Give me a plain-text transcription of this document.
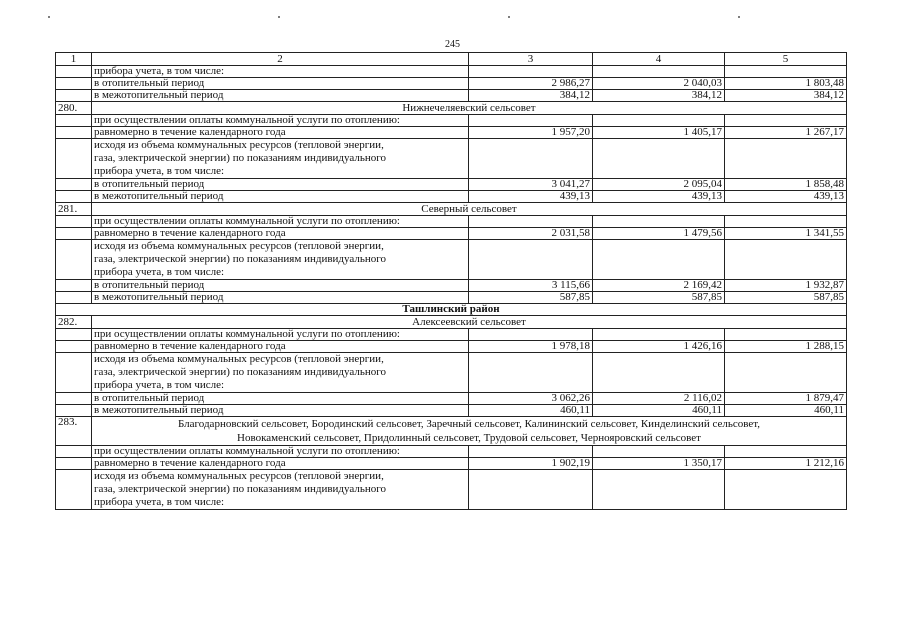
245
1	2	3	4	5
	прибора учета, в том числе:			
	в отопительный период	2 986,27	2 040,03	1 803,48
	в межотопительный период	384,12	384,12	384,12
280.	Нижнечеляевский сельсовет			
	при осуществлении оплаты коммунальной услуги по отоплению:			
	равномерно в течение календарного года	1 957,20	1 405,17	1 267,17

	исходя из объема коммунальных ресурсов (тепловой энергии,
газа, электрической энергии) по показаниям индивидуального
прибора учета, в том числе:			

	в отопительный период	3 041,27	2 095,04	1 858,48
	в межотопительный период	439,13	439,13	439,13
281.	Северный сельсовет			
	при осуществлении оплаты коммунальной услуги по отоплению:			
	равномерно в течение календарного года	2 031,58	1 479,56	1 341,55

	исходя из объема коммунальных ресурсов (тепловой энергии,
газа, электрической энергии) по показаниям индивидуального
прибора учета, в том числе:			

	в отопительный период	3 115,66	2 169,42	1 932,87
	в межотопительный период	587,85	587,85	587,85
Ташлинский район				
282.	Алексеевский сельсовет			
	при осуществлении оплаты коммунальной услуги по отоплению:			
	равномерно в течение календарного года	1 978,18	1 426,16	1 288,15

	исходя из объема коммунальных ресурсов (тепловой энергии,
газа, электрической энергии) по показаниям индивидуального
прибора учета, в том числе:			

	в отопительный период	3 062,26	2 116,02	1 879,47
	в межотопительный период	460,11	460,11	460,11
283.	Благодарновский сельсовет, Бородинский сельсовет, Заречный сельсовет, Калининский сельсовет, Кинделинский сельсовет,
Новокаменский сельсовет, Придолинный сельсовет, Трудовой сельсовет, Чернояровский сельсовет			

	при осуществлении оплаты коммунальной услуги по отоплению:			
	равномерно в течение календарного года	1 902,19	1 350,17	1 212,16

	исходя из объема коммунальных ресурсов (тепловой энергии,
газа, электрической энергии) по показаниям индивидуального
прибора учета, в том числе:			
